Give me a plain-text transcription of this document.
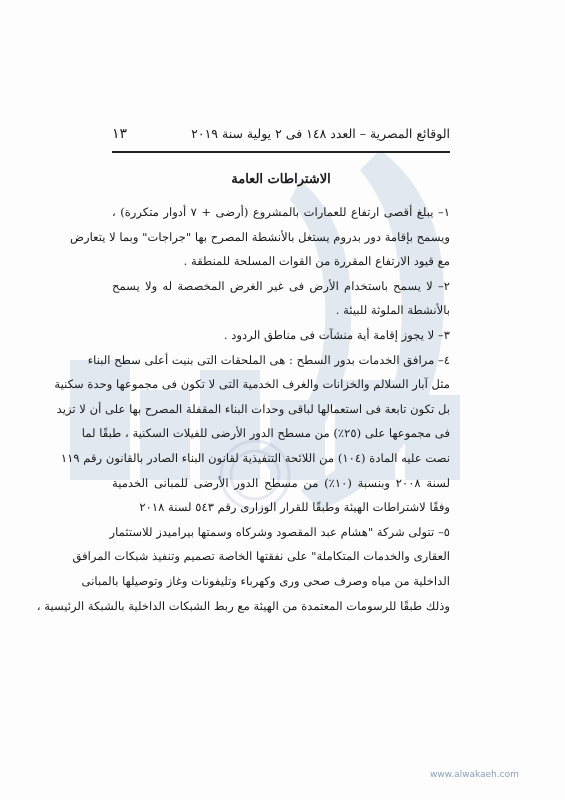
١٣	الوقائع المصرية – العدد ١٤٨ فى ٢ يولية سنة ٢٠١٩
الاشتراطات العامة
١– يبلغ أقصى ارتفاع للعمارات بالمشروع (أرضى + ٧ أدوار متكررة) ،
ويسمح بإقامة دور بدروم يستغل بالأنشطة المصرح بها "جراجات" وبما لا يتعارض
مع قيود الارتفاع المقررة من القوات المسلحة للمنطقة .
٢– لا يسمح باستخدام الأرض فى غير الغرض المخصصة له ولا يسمح
بالأنشطة الملوثة للبيئة .
٣– لا يجوز إقامة أية منشآت فى مناطق الردود .
٤– مرافق الخدمات بدور السطح : هى الملحقات التى بنيت أعلى سطح البناء
مثل آبار السلالم والخزانات والغرف الخدمية التى لا تكون فى مجموعها وحدة سكنية
بل تكون تابعة فى استعمالها لباقى وحدات البناء المقفلة المصرح بها على أن لا تزيد
فى مجموعها على (٢٥٪) من مسطح الدور الأرضى للفيلات السكنية ، طبقًا لما
نصت عليه المادة (١٠٤) من اللائحة التنفيذية لقانون البناء الصادر بالقانون رقم ١١٩
لسنة ٢٠٠٨ وبنسبة (١٠٪) من مسطح الدور الأرضى للمبانى الخدمية
وفقًا لاشتراطات الهيئة وطبقًا للقرار الوزارى رقم ٥٤٣ لسنة ٢٠١٨
٥– تتولى شركة "هشام عبد المقصود وشركاه وسمتها بيراميدز للاستثمار
العقارى والخدمات المتكاملة" على نفقتها الخاصة تصميم وتنفيذ شبكات المرافق
الداخلية من مياه وصرف صحى ورى وكهرباء وتليفونات وغاز وتوصيلها بالمبانى
وذلك طبقًا للرسومات المعتمدة من الهيئة مع ربط الشبكات الداخلية بالشبكة الرئيسية ،
www.alwakaeh.com
